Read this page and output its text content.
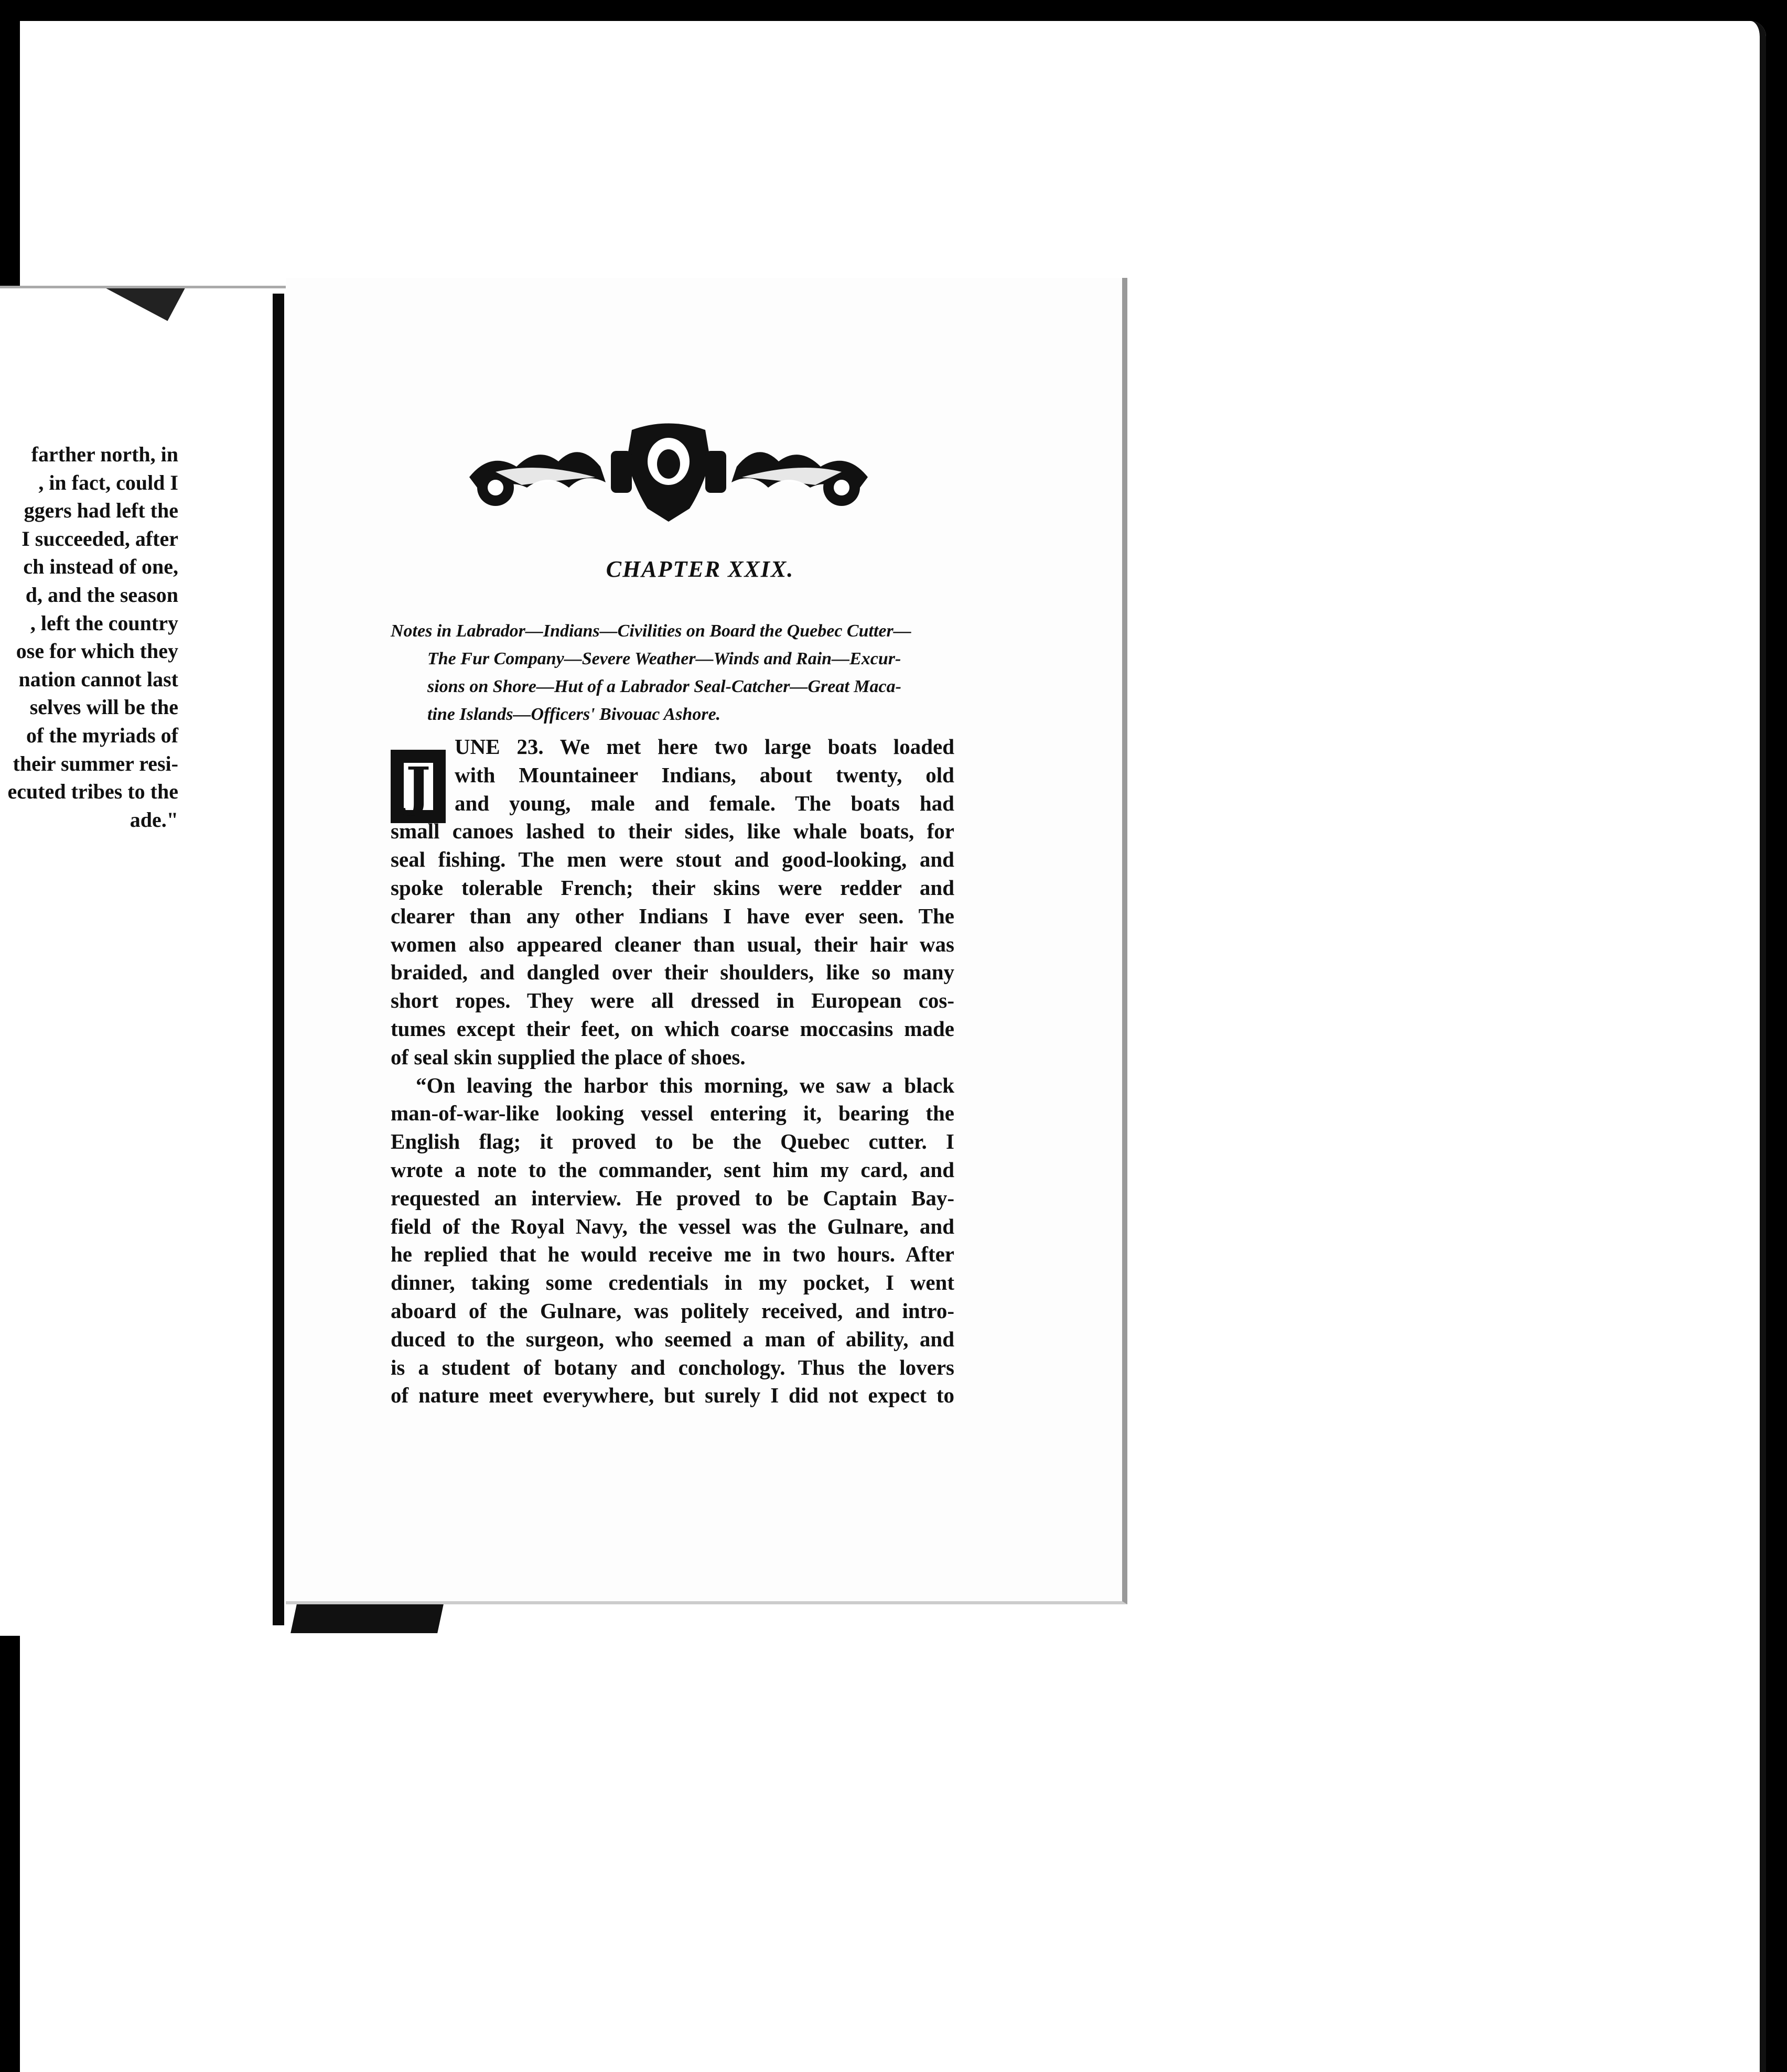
farther north, in
, in fact, could I
ggers had left the
I succeeded, after
ch instead of one,
d, and the season
, left the country
ose for which they
nation cannot last
selves will be the
of the myriads of
their summer resi-
ecuted tribes to the
ade."
CHAPTER XXIX.
Notes in Labrador—Indians—Civilities on Board the Quebec Cutter—
The Fur Company—Severe Weather—Winds and Rain—Excur-
sions on Shore—Hut of a Labrador Seal-Catcher—Great Maca-
tine Islands—Officers' Bivouac Ashore.
J
UNE 23. We met here two large boats loaded
with Mountaineer Indians, about twenty, old
and young, male and female. The boats had
small canoes lashed to their sides, like whale boats, for
seal fishing. The men were stout and good-looking, and
spoke tolerable French; their skins were redder and
clearer than any other Indians I have ever seen. The
women also appeared cleaner than usual, their hair was
braided, and dangled over their shoulders, like so many
short ropes. They were all dressed in European cos-
tumes except their feet, on which coarse moccasins made
of seal skin supplied the place of shoes.
“On leaving the harbor this morning, we saw a black
man-of-war-like looking vessel entering it, bearing the
English flag; it proved to be the Quebec cutter. I
wrote a note to the commander, sent him my card, and
requested an interview. He proved to be Captain Bay-
field of the Royal Navy, the vessel was the Gulnare, and
he replied that he would receive me in two hours. After
dinner, taking some credentials in my pocket, I went
aboard of the Gulnare, was politely received, and intro-
duced to the surgeon, who seemed a man of ability, and
is a student of botany and conchology. Thus the lovers
of nature meet everywhere, but surely I did not expect to
